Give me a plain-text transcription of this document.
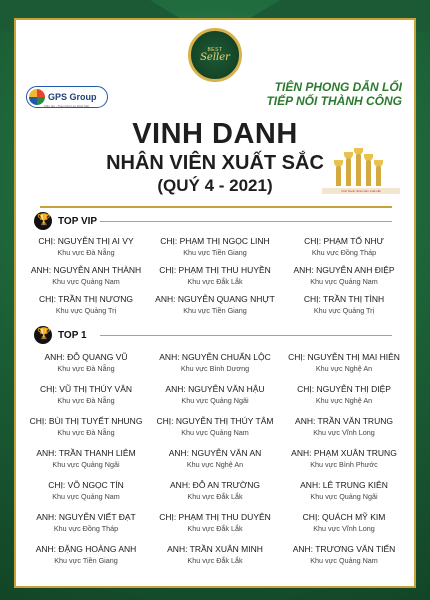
BEST
Seller
GPS Group
Kiến tạo - Trao giá trị sự khác biệt
TIÊN PHONG DẪN LỐI
TIẾP NỐI THÀNH CÔNG
VINH DANH
NHÂN VIÊN XUẤT SẮC
(QUÝ 4 - 2021)	Vinh Danh nhân viên xuất sắc
🏆
TOP VIP
CHỊ: NGUYỄN THỊ AI VY
Khu vực Đà Nẵng
CHỊ: PHẠM THỊ NGỌC LINH
Khu vực Tiền Giang
CHỊ: PHẠM TỐ NHƯ
Khu vực Đồng Tháp
ANH: NGUYỄN ANH THÀNH
Khu vực Quảng Nam
CHỊ: PHẠM THỊ THU HUYỀN
Khu vực Đắk Lắk
ANH: NGUYỄN ANH ĐIỆP
Khu vực Quảng Nam
CHỊ: TRẦN THỊ NƯƠNG
Khu vực Quảng Trị
ANH: NGUYỄN QUANG NHỰT
Khu vực Tiền Giang
CHỊ: TRẦN THỊ TÌNH
Khu vực Quảng Trị
🏆
TOP 1
ANH: ĐỖ QUANG VŨ
Khu vực Đà Nẵng
ANH: NGUYỄN CHUẨN LỘC
Khu vực Bình Dương
CHỊ: NGUYỄN THỊ MAI HIÊN
Khu vực Nghệ An
CHỊ: VŨ THỊ THÚY VÂN
Khu vực Đà Nẵng
ANH: NGUYỄN VĂN HẬU
Khu vực Quảng Ngãi
CHỊ: NGUYỄN THỊ DIỆP
Khu vực Nghệ An
CHỊ: BÙI THỊ TUYẾT NHUNG
Khu vực Đà Nẵng
CHỊ: NGUYỄN THỊ THÚY TÂM
Khu vực Quảng Nam
ANH: TRẦN VĂN TRUNG
Khu vực Vĩnh Long
ANH: TRẦN THANH LIÊM
Khu vực Quảng Ngãi
ANH: NGUYỄN VĂN AN
Khu vực Nghệ An
ANH: PHẠM XUÂN TRUNG
Khu vực Bình Phước
CHỊ: VÕ NGỌC TÍN
Khu vực Quảng Nam
ANH: ĐỖ AN TRƯỜNG
Khu vực Đắk Lắk
ANH: LÊ TRUNG KIÊN
Khu vực Quảng Ngãi
ANH: NGUYỄN VIẾT ĐẠT
Khu vực Đồng Tháp
CHỊ: PHẠM THỊ THU DUYÊN
Khu vực Đắk Lắk
CHỊ: QUÁCH MỸ KIM
Khu vực Vĩnh Long
ANH: ĐẶNG HOÀNG ANH
Khu vực Tiền Giang
ANH: TRẦN XUÂN MINH
Khu vực Đắk Lắk
ANH: TRƯƠNG VĂN TIẾN
Khu vực Quảng Nam
